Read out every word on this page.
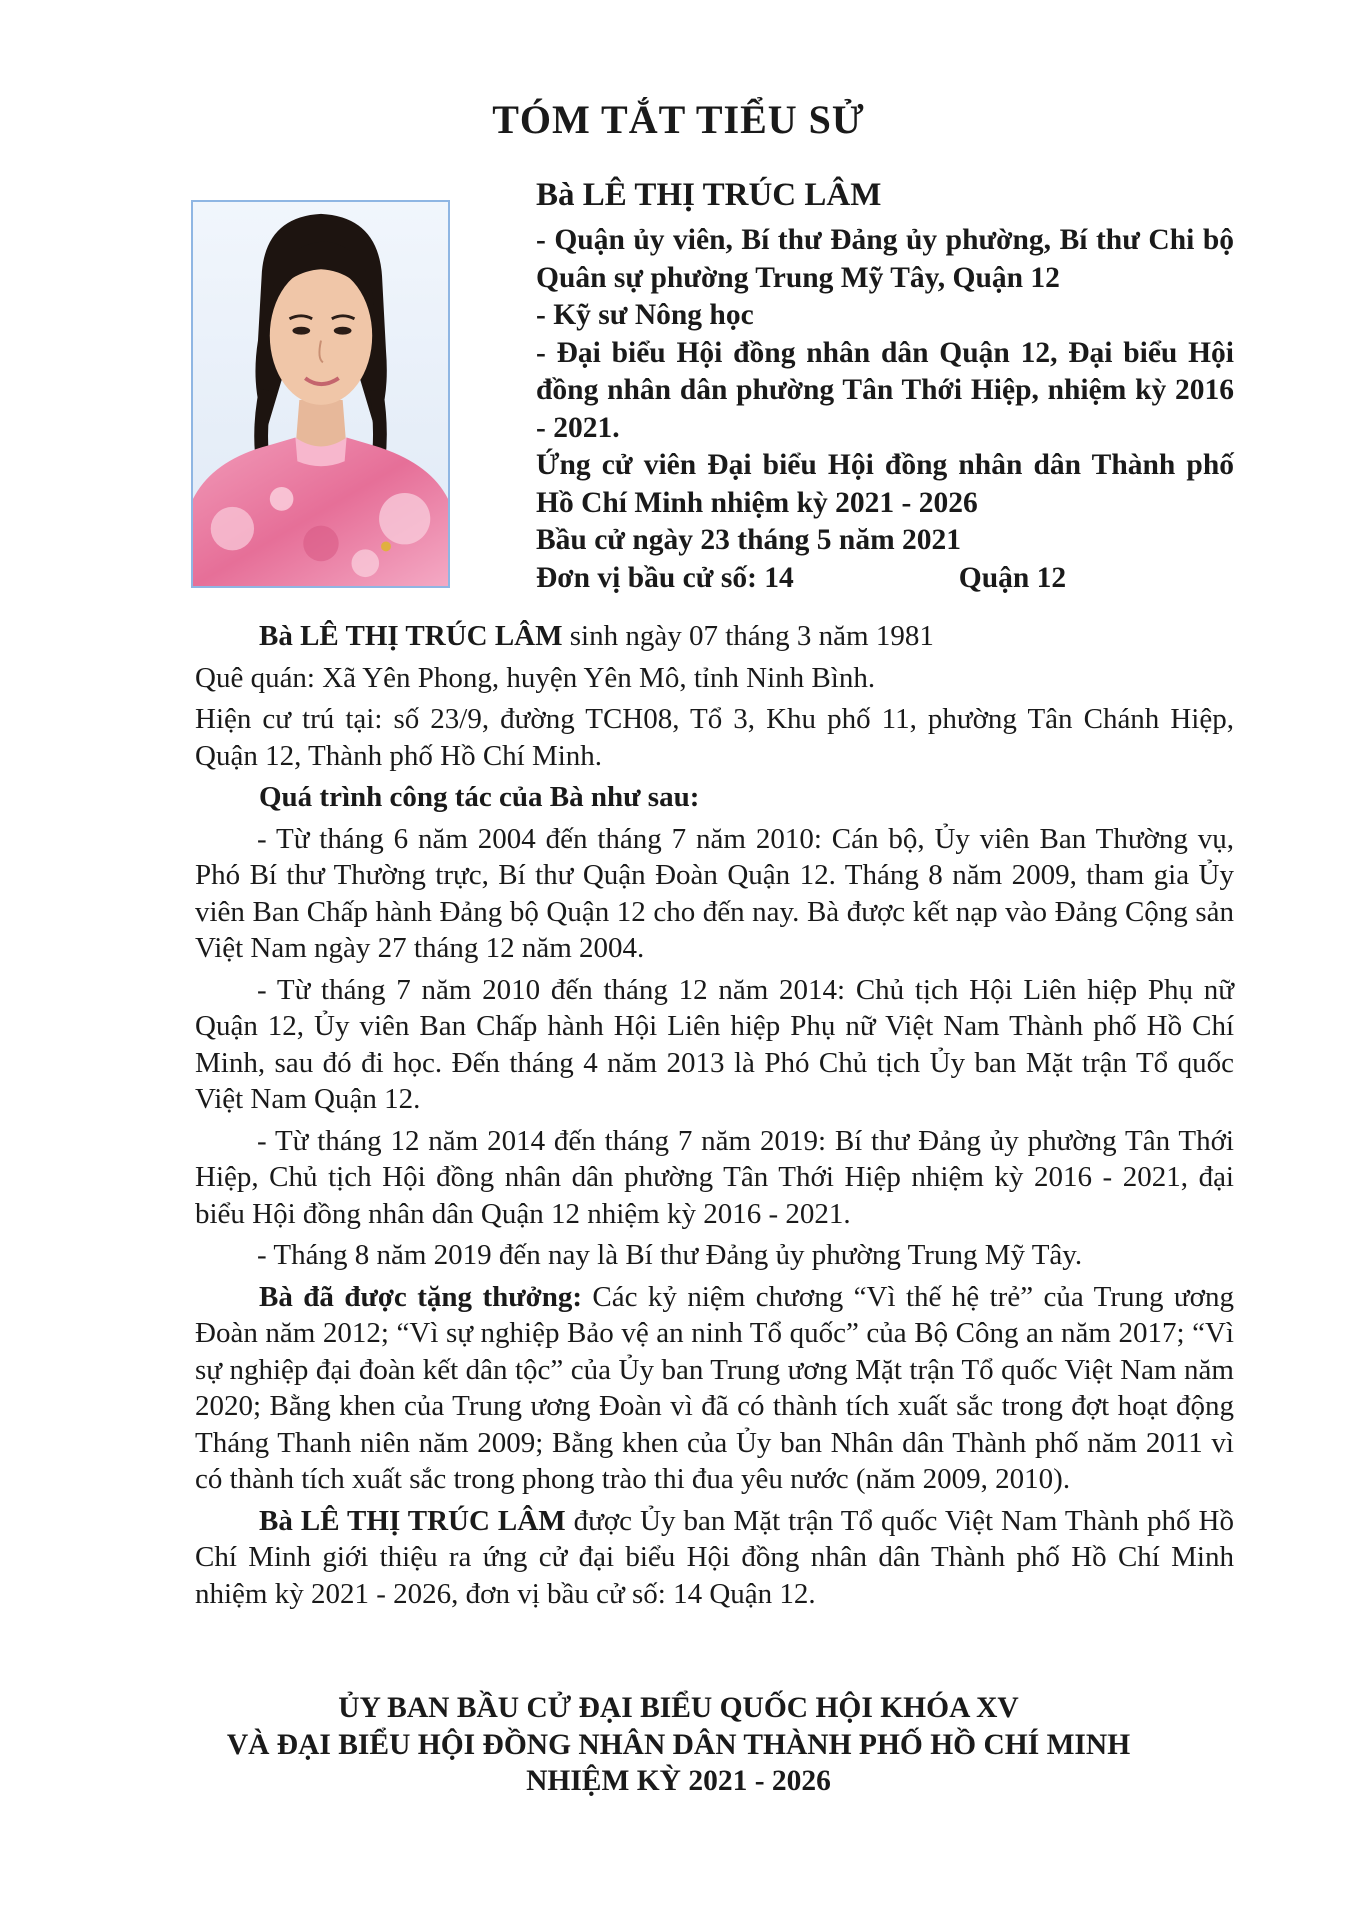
TÓM TẮT TIỂU SỬ
Bà LÊ THỊ TRÚC LÂM
- Quận ủy viên, Bí thư Đảng ủy phường, Bí thư Chi bộ Quân sự phường Trung Mỹ Tây, Quận 12
- Kỹ sư Nông học
- Đại biểu Hội đồng nhân dân Quận 12, Đại biểu Hội đồng nhân dân phường Tân Thới Hiệp, nhiệm kỳ 2016 - 2021.
Ứng cử viên Đại biểu Hội đồng nhân dân Thành phố Hồ Chí Minh nhiệm kỳ 2021 - 2026
Bầu cử ngày 23 tháng 5 năm 2021
Đơn vị bầu cử số: 14	Quận 12

Bà LÊ THỊ TRÚC LÂM sinh ngày 07 tháng 3 năm 1981

Quê quán: Xã Yên Phong, huyện Yên Mô, tỉnh Ninh Bình.

Hiện cư trú tại: số 23/9, đường TCH08, Tổ 3, Khu phố 11, phường Tân Chánh Hiệp, Quận 12, Thành phố Hồ Chí Minh.

Quá trình công tác của Bà như sau:

- Từ tháng 6 năm 2004 đến tháng 7 năm 2010: Cán bộ, Ủy viên Ban Thường vụ, Phó Bí thư Thường trực, Bí thư Quận Đoàn Quận 12. Tháng 8 năm 2009, tham gia Ủy viên Ban Chấp hành Đảng bộ Quận 12 cho đến nay. Bà được kết nạp vào Đảng Cộng sản Việt Nam ngày 27 tháng 12 năm 2004.

- Từ tháng 7 năm 2010 đến tháng 12 năm 2014: Chủ tịch Hội Liên hiệp Phụ nữ Quận 12, Ủy viên Ban Chấp hành Hội Liên hiệp Phụ nữ Việt Nam Thành phố Hồ Chí Minh, sau đó đi học. Đến tháng 4 năm 2013 là Phó Chủ tịch Ủy ban Mặt trận Tổ quốc Việt Nam Quận 12.

- Từ tháng 12 năm 2014 đến tháng 7 năm 2019: Bí thư Đảng ủy phường Tân Thới Hiệp, Chủ tịch Hội đồng nhân dân phường Tân Thới Hiệp nhiệm kỳ 2016 - 2021, đại biểu Hội đồng nhân dân Quận 12 nhiệm kỳ 2016 - 2021.

- Tháng 8 năm 2019 đến nay là Bí thư Đảng ủy phường Trung Mỹ Tây.

Bà đã được tặng thưởng: Các kỷ niệm chương “Vì thế hệ trẻ” của Trung ương Đoàn năm 2012; “Vì sự nghiệp Bảo vệ an ninh Tổ quốc” của Bộ Công an năm 2017; “Vì sự nghiệp đại đoàn kết dân tộc” của Ủy ban Trung ương Mặt trận Tổ quốc Việt Nam năm 2020; Bằng khen của Trung ương Đoàn vì đã có thành tích xuất sắc trong đợt hoạt động Tháng Thanh niên năm 2009; Bằng khen của Ủy ban Nhân dân Thành phố năm 2011 vì có thành tích xuất sắc trong phong trào thi đua yêu nước (năm 2009, 2010).

Bà LÊ THỊ TRÚC LÂM được Ủy ban Mặt trận Tổ quốc Việt Nam Thành phố Hồ Chí Minh giới thiệu ra ứng cử đại biểu Hội đồng nhân dân Thành phố Hồ Chí Minh nhiệm kỳ 2021 - 2026, đơn vị bầu cử số: 14 Quận 12.

ỦY BAN BẦU CỬ ĐẠI BIỂU QUỐC HỘI KHÓA XV
VÀ ĐẠI BIỂU HỘI ĐỒNG NHÂN DÂN THÀNH PHỐ HỒ CHÍ MINH
NHIỆM KỲ 2021 - 2026
